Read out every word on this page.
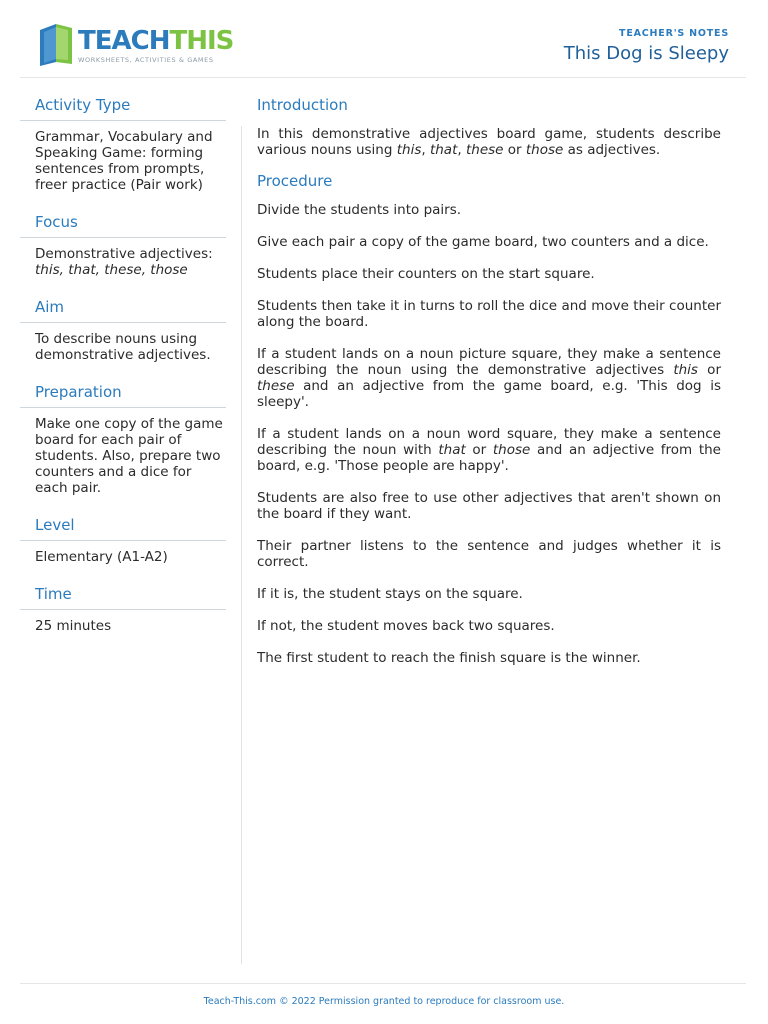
TEACHTHIS
WORKSHEETS, ACTIVITIES & GAMES
TEACHER'S NOTES
This Dog is Sleepy
Activity Type
Grammar, Vocabulary and Speaking Game: forming sentences from prompts, freer practice (Pair work)
Focus
Demonstrative adjectives: this, that, these, those
Aim
To describe nouns using demonstrative adjectives.
Preparation
Make one copy of the game board for each pair of students. Also, prepare two counters and a dice for each pair.
Level
Elementary (A1-A2)
Time
25 minutes
Introduction

In this demonstrative adjectives board game, students describe various nouns using this, that, these or those as adjectives.

Procedure

Divide the students into pairs.

Give each pair a copy of the game board, two counters and a dice.

Students place their counters on the start square.

Students then take it in turns to roll the dice and move their counter along the board.

If a student lands on a noun picture square, they make a sentence describing the noun using the demonstrative adjectives this or these and an adjective from the game board, e.g. 'This dog is sleepy'.

If a student lands on a noun word square, they make a sentence describing the noun with that or those and an adjective from the board, e.g. 'Those people are happy'.

Students are also free to use other adjectives that aren't shown on the board if they want.

Their partner listens to the sentence and judges whether it is correct.

If it is, the student stays on the square.

If not, the student moves back two squares.

The first student to reach the finish square is the winner.

Teach-This.com © 2022 Permission granted to reproduce for classroom use.
